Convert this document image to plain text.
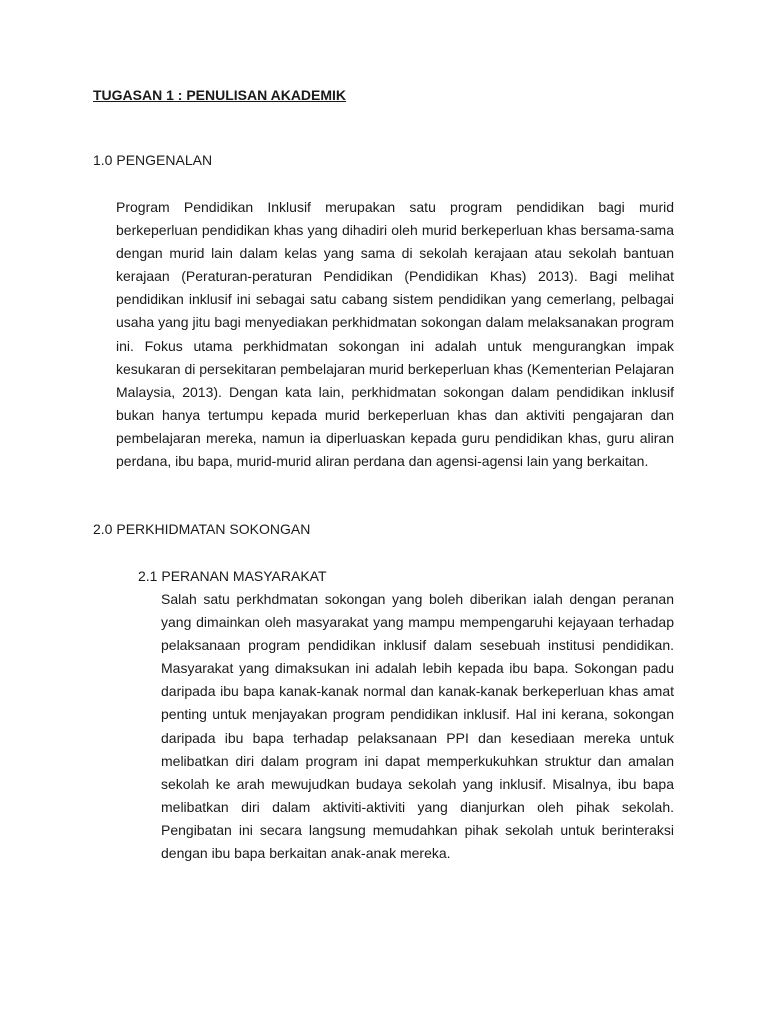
TUGASAN 1 : PENULISAN AKADEMIK
1.0 PENGENALAN
Program Pendidikan Inklusif merupakan satu program pendidikan bagi murid
berkeperluan pendidikan khas yang dihadiri oleh murid berkeperluan khas bersama-sama
dengan murid lain dalam kelas yang sama di sekolah kerajaan atau sekolah bantuan
kerajaan (Peraturan-peraturan Pendidikan (Pendidikan Khas) 2013). Bagi melihat
pendidikan inklusif ini sebagai satu cabang sistem pendidikan yang cemerlang, pelbagai
usaha yang jitu bagi menyediakan perkhidmatan sokongan dalam melaksanakan program
ini. Fokus utama perkhidmatan sokongan ini adalah untuk mengurangkan impak
kesukaran di persekitaran pembelajaran murid berkeperluan khas (Kementerian Pelajaran
Malaysia, 2013). Dengan kata lain, perkhidmatan sokongan dalam pendidikan inklusif
bukan hanya tertumpu kepada murid berkeperluan khas dan aktiviti pengajaran dan
pembelajaran mereka, namun ia diperluaskan kepada guru pendidikan khas, guru aliran
perdana, ibu bapa, murid-murid aliran perdana dan agensi-agensi lain yang berkaitan.
2.0 PERKHIDMATAN SOKONGAN
2.1 PERANAN MASYARAKAT
Salah satu perkhdmatan sokongan yang boleh diberikan ialah dengan peranan
yang dimainkan oleh masyarakat yang mampu mempengaruhi kejayaan terhadap
pelaksanaan program pendidikan inklusif dalam sesebuah institusi pendidikan.
Masyarakat yang dimaksukan ini adalah lebih kepada ibu bapa. Sokongan padu
daripada ibu bapa kanak-kanak normal dan kanak-kanak berkeperluan khas amat
penting untuk menjayakan program pendidikan inklusif. Hal ini kerana, sokongan
daripada ibu bapa terhadap pelaksanaan PPI dan kesediaan mereka untuk
melibatkan diri dalam program ini dapat memperkukuhkan struktur dan amalan
sekolah ke arah mewujudkan budaya sekolah yang inklusif. Misalnya, ibu bapa
melibatkan diri dalam aktiviti-aktiviti yang dianjurkan oleh pihak sekolah.
Pengibatan ini secara langsung memudahkan pihak sekolah untuk berinteraksi
dengan ibu bapa berkaitan anak-anak mereka.
